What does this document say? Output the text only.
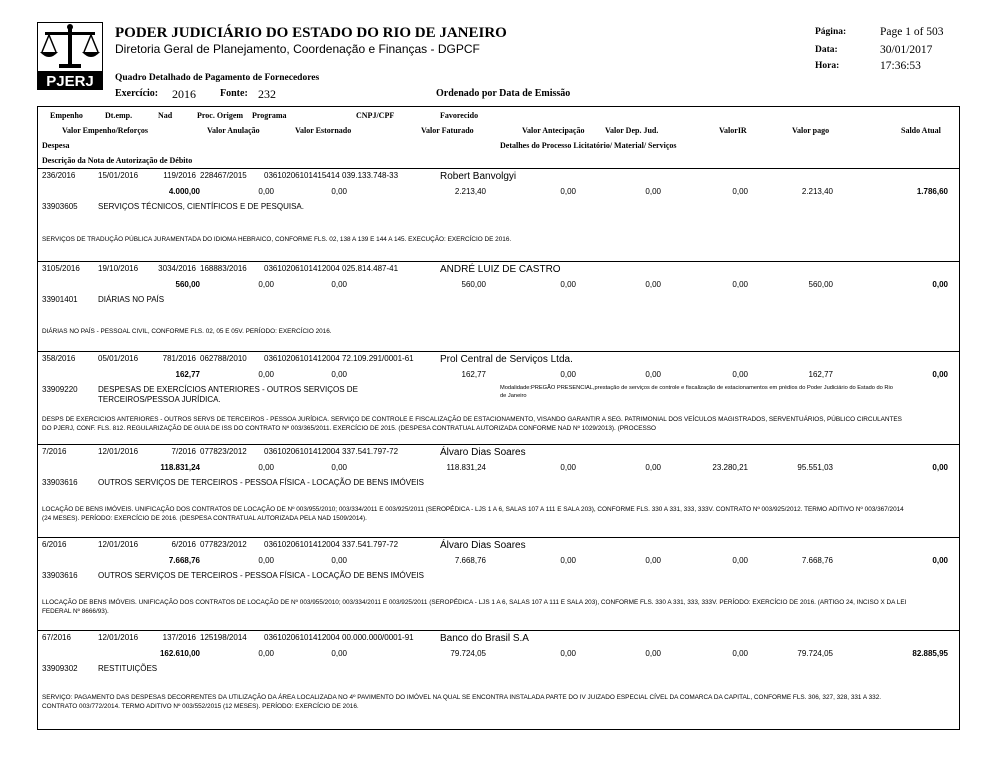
PJERJ
PODER JUDICIÁRIO DO ESTADO DO RIO DE JANEIRO
Diretoria Geral de Planejamento, Coordenação e Finanças - DGPCF
Quadro Detalhado de Pagamento de Fornecedores
Exercício: 2016 Fonte: 232	Ordenado por Data de Emissão
Página:	Page 1 of 503
Data:	30/01/2017
Hora:	17:36:53
Empenho	Dt.emp.	Nad	Proc. Origem Programa	CNPJ/CPF	Favorecido
Valor Empenho/Reforços	Valor Anulação	Valor Estornado	Valor Faturado	Valor Antecipação	Valor Dep. Jud.	ValorIR	Valor pago	Saldo Atual
Despesa	Detalhes do Processo Licitatório/ Material/ Serviços
Descrição da Nota de Autorização de Débito
236/2016	15/01/2016	119/2016 228467/2015 03610206101415414 039.133.748-33	Robert Banvolgyi
4.000,00	0,00	0,00	2.213,40	0,00	0,00	0,00	2.213,40	1.786,60
33903605	SERVIÇOS TÉCNICOS, CIENTÍFICOS E DE PESQUISA.
SERVIÇOS DE TRADUÇÃO PÚBLICA JURAMENTADA DO IDIOMA HEBRAICO, CONFORME FLS. 02, 138 A 139 E 144 A 145. EXECUÇÃO: EXERCÍCIO DE 2016.
3105/2016 19/10/2016	3034/2016 168883/2016 03610206101412004 025.814.487-41	ANDRÉ LUIZ DE CASTRO
560,00	0,00	0,00	560,00	0,00	0,00	0,00	560,00	0,00
33901401	DIÁRIAS NO PAÍS
DIÁRIAS NO PAÍS - PESSOAL CIVIL, CONFORME FLS. 02, 05 E 05V. PERÍODO: EXERCÍCIO 2016.
358/2016	05/01/2016	781/2016 062788/2010 03610206101412004 72.109.291/0001-61	Prol Central de Serviços Ltda.
162,77	0,00	0,00	162,77	0,00	0,00	0,00	162,77	0,00
33909220	DESPESAS DE EXERCÍCIOS ANTERIORES - OUTROS SERVIÇOS DE TERCEIROS/PESSOA JURÍDICA.
Modalidade:PREGÃO PRESENCIAL,prestação de serviços de controle e fiscalização de estacionamentos em prédios do Poder Judiciário do Estado do Rio de Janeiro
DESPS DE EXERCICIOS ANTERIORES - OUTROS SERVS DE TERCEIROS - PESSOA JURÍDICA. SERVIÇO DE CONTROLE E FISCALIZAÇÃO DE ESTACIONAMENTO, VISANDO GARANTIR A SEG. PATRIMONIAL DOS VEÍCULOS MAGISTRADOS, SERVENTUÁRIOS, PÚBLICO CIRCULANTES DO PJERJ, CONF. FLS. 812. REGULARIZAÇÃO DE GUIA DE ISS DO CONTRATO Nº 003/365/2011. EXERCÍCIO DE 2015. (DESPESA CONTRATUAL AUTORIZADA CONFORME NAD Nº 1029/2013). (PROCESSO
7/2016	12/01/2016	7/2016 077823/2012 03610206101412004 337.541.797-72	Álvaro Dias Soares
118.831,24	0,00	0,00	118.831,24	0,00	0,00	23.280,21	95.551,03	0,00
33903616	OUTROS SERVIÇOS DE TERCEIROS - PESSOA FÍSICA - LOCAÇÃO DE BENS IMÓVEIS
LOCAÇÃO DE BENS IMÓVEIS. UNIFICAÇÃO DOS CONTRATOS DE LOCAÇÃO DE Nº 003/955/2010; 003/334/2011 E 003/925/2011 (SEROPÉDICA - LJS 1 A 6, SALAS 107 A 111 E SALA 203), CONFORME FLS. 330 A 331, 333, 333V. CONTRATO Nº 003/925/2012. TERMO ADITIVO Nº 003/367/2014 (24 MESES). PERÍODO: EXERCÍCIO DE 2016. (DESPESA CONTRATUAL AUTORIZADA PELA NAD 1509/2014).
6/2016	12/01/2016	6/2016 077823/2012 03610206101412004 337.541.797-72	Álvaro Dias Soares
7.668,76	0,00	0,00	7.668,76	0,00	0,00	0,00	7.668,76	0,00
33903616	OUTROS SERVIÇOS DE TERCEIROS - PESSOA FÍSICA - LOCAÇÃO DE BENS IMÓVEIS
LLOCAÇÃO DE BENS IMÓVEIS. UNIFICAÇÃO DOS CONTRATOS DE LOCAÇÃO DE Nº 003/955/2010; 003/334/2011 E 003/925/2011 (SEROPÉDICA - LJS 1 A 6, SALAS 107 A 111 E SALA 203), CONFORME FLS. 330 A 331, 333, 333V. PERÍODO: EXERCÍCIO DE 2016. (ARTIGO 24, INCISO X DA LEI FEDERAL Nº 8666/93).
67/2016	12/01/2016	137/2016 125198/2014 03610206101412004 00.000.000/0001-91	Banco do Brasil S.A
162.610,00	0,00	0,00	79.724,05	0,00	0,00	0,00	79.724,05	82.885,95
33909302	RESTITUIÇÕES
SERVIÇO: PAGAMENTO DAS DESPESAS DECORRENTES DA UTILIZAÇÃO DA ÁREA LOCALIZADA NO 4º PAVIMENTO DO IMÓVEL NA QUAL SE ENCONTRA INSTALADA PARTE DO IV JUIZADO ESPECIAL CÍVEL DA COMARCA DA CAPITAL, CONFORME FLS. 306, 327, 328, 331 A 332. CONTRATO 003/772/2014. TERMO ADITIVO Nº 003/552/2015 (12 MESES). PERÍODO: EXERCÍCIO DE 2016.
